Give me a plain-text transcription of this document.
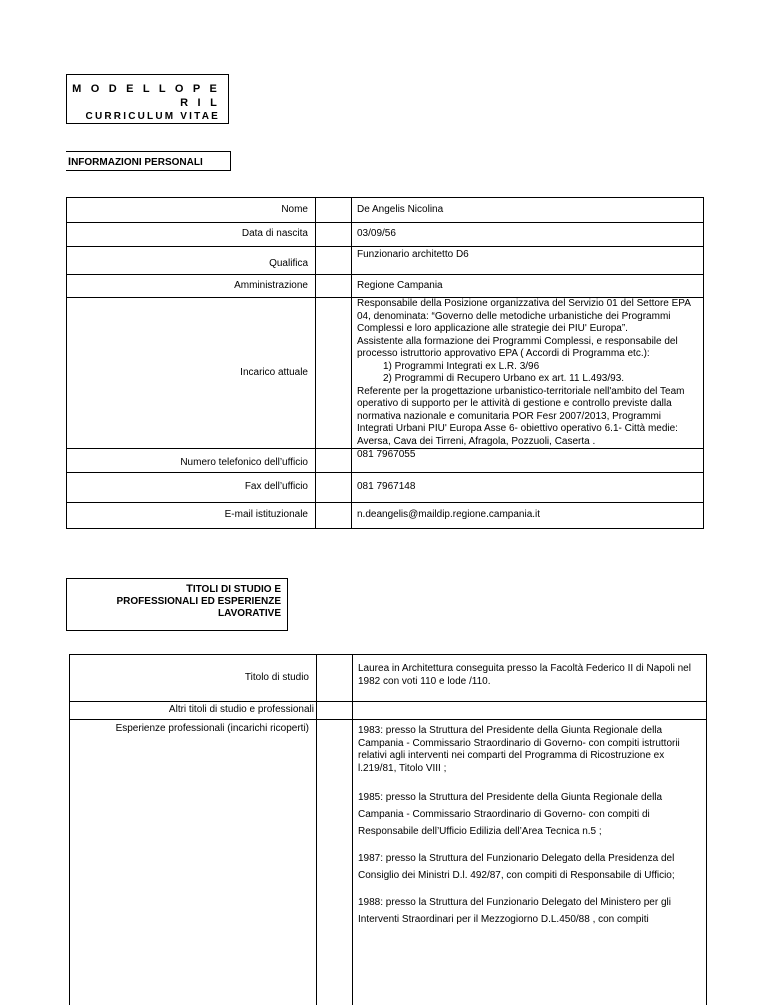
M O D E L L O P E R I L
CURRICULUM VITAE
INFORMAZIONI PERSONALI
Nome		De Angelis Nicolina
Data di nascita		03/09/56
Qualifica		Funzionario architetto D6
Amministrazione		Regione Campania
Incarico attuale		Responsabile della Posizione organizzativa del Servizio 01 del Settore EPA 04, denominata: “Governo delle metodiche urbanistiche dei Programmi Complessi e loro applicazione alle strategie dei PIU' Europa”.
Assistente alla formazione dei Programmi Complessi, e responsabile del processo istruttorio approvativo EPA ( Accordi di Programma etc.):
1) Programmi Integrati ex L.R. 3/96
2) Programmi di Recupero Urbano ex art. 11 L.493/93.
Referente per la progettazione urbanistico-territoriale nell'ambito del Team operativo di supporto per le attività di gestione e controllo previste dalla normativa nazionale e comunitaria POR Fesr 2007/2013, Programmi Integrati Urbani PIU' Europa Asse 6- obiettivo operativo 6.1- Città medie: Aversa, Cava dei Tirreni, Afragola, Pozzuoli, Caserta .

Numero telefonico dell’ufficio		081 7967055
Fax dell’ufficio		081 7967148
E-mail istituzionale		n.deangelis@maildip.regione.campania.it
TITOLI DI STUDIO E
PROFESSIONALI ED ESPERIENZE
LAVORATIVE
Titolo di studio		Laurea in Architettura conseguita presso la Facoltà Federico II di Napoli nel 1982 con voti 110 e lode /110.
Altri titoli di studio e professionali		
Esperienze professionali (incarichi ricoperti)		1983: presso la Struttura del Presidente della Giunta Regionale della Campania - Commissario Straordinario di Governo- con compiti istruttorii relativi agli interventi nei comparti del Programma di Ricostruzione ex l.219/81, Titolo VIII ;

1985: presso la Struttura del Presidente della Giunta Regionale della Campania - Commissario Straordinario di Governo- con compiti di Responsabile dell’Ufficio Edilizia dell’Area Tecnica n.5 ;

1987: presso la Struttura del Funzionario Delegato della Presidenza del Consiglio dei Ministri D.l. 492/87, con compiti di Responsabile di Ufficio;

1988: presso la Struttura del Funzionario Delegato del Ministero per gli Interventi Straordinari per il Mezzogiorno D.L.450/88 , con compiti
